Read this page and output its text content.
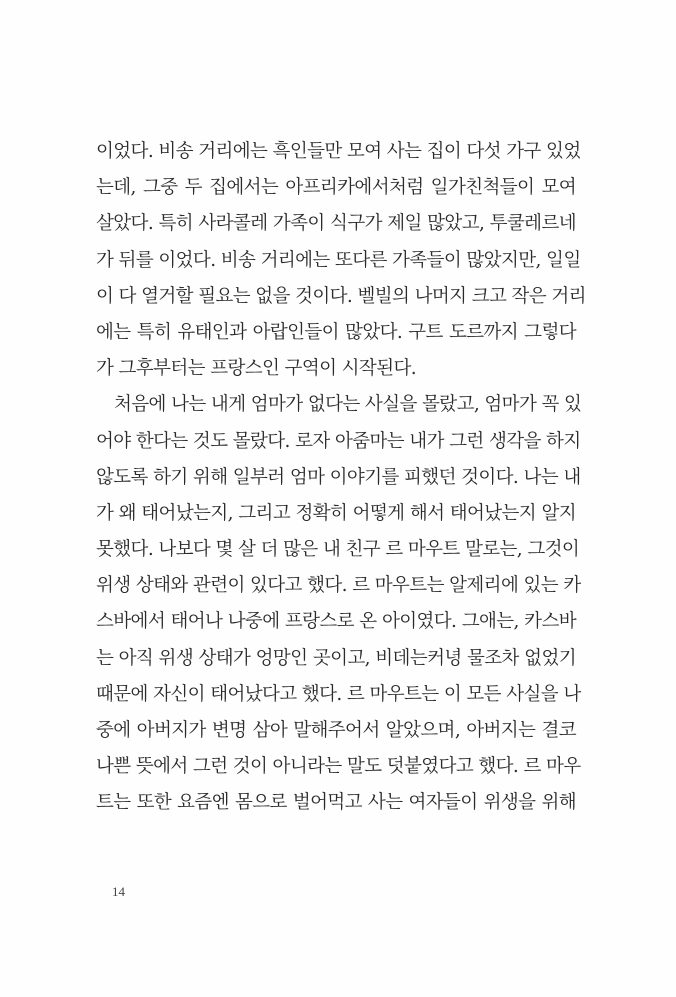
이었다. 비송 거리에는 흑인들만 모여 사는 집이 다섯 가구 있었
는데, 그중 두 집에서는 아프리카에서처럼 일가친척들이 모여
살았다. 특히 사라콜레 가족이 식구가 제일 많았고, 투쿨레르네
가 뒤를 이었다. 비송 거리에는 또다른 가족들이 많았지만, 일일
이 다 열거할 필요는 없을 것이다. 벨빌의 나머지 크고 작은 거리
에는 특히 유태인과 아랍인들이 많았다. 구트 도르까지 그렇다
가 그후부터는 프랑스인 구역이 시작된다.
처음에 나는 내게 엄마가 없다는 사실을 몰랐고, 엄마가 꼭 있
어야 한다는 것도 몰랐다. 로자 아줌마는 내가 그런 생각을 하지
않도록 하기 위해 일부러 엄마 이야기를 피했던 것이다. 나는 내
가 왜 태어났는지, 그리고 정확히 어떻게 해서 태어났는지 알지
못했다. 나보다 몇 살 더 많은 내 친구 르 마우트 말로는, 그것이
위생 상태와 관련이 있다고 했다. 르 마우트는 알제리에 있는 카
스바에서 태어나 나중에 프랑스로 온 아이였다. 그애는, 카스바
는 아직 위생 상태가 엉망인 곳이고, 비데는커녕 물조차 없었기
때문에 자신이 태어났다고 했다. 르 마우트는 이 모든 사실을 나
중에 아버지가 변명 삼아 말해주어서 알았으며, 아버지는 결코
나쁜 뜻에서 그런 것이 아니라는 말도 덧붙였다고 했다. 르 마우
트는 또한 요즘엔 몸으로 벌어먹고 사는 여자들이 위생을 위해
14
